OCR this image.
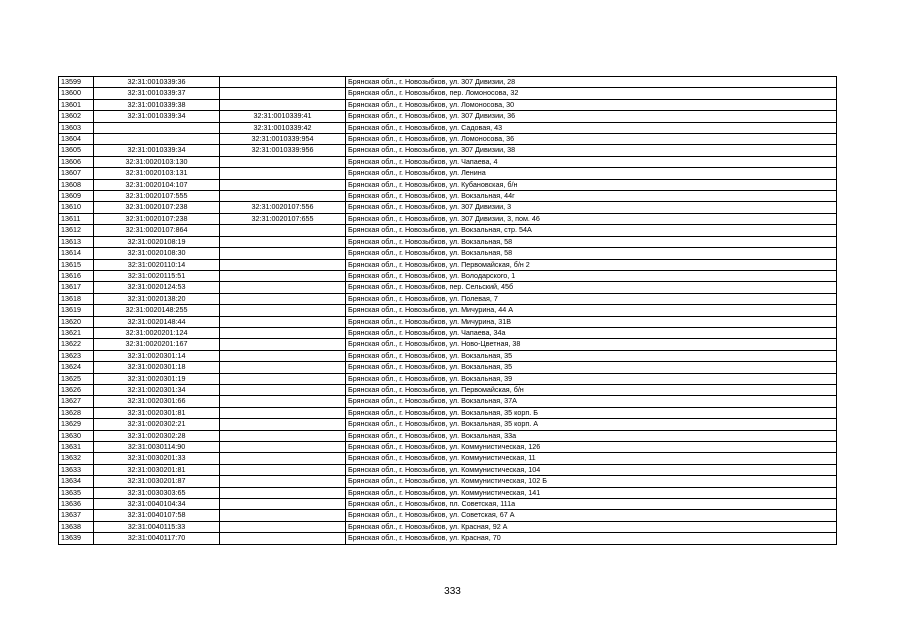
13599	32:31:0010339:36		Брянская обл., г. Новозыбков, ул. 307 Дивизии, 28
13600	32:31:0010339:37		Брянская обл., г. Новозыбков, пер. Ломоносова, 32
13601	32:31:0010339:38		Брянская обл., г. Новозыбков, ул. Ломоносова, 30
13602	32:31:0010339:34	32:31:0010339:41	Брянская обл., г. Новозыбков, ул. 307 Дивизии, 36
13603		32:31:0010339:42	Брянская обл., г. Новозыбков, ул. Садовая, 43
13604		32:31:0010339:954	Брянская обл., г. Новозыбков, ул. Ломоносова, 36
13605	32:31:0010339:34	32:31:0010339:956	Брянская обл., г. Новозыбков, ул. 307 Дивизии, 38
13606	32:31:0020103:130		Брянская обл., г. Новозыбков, ул. Чапаева, 4
13607	32:31:0020103:131		Брянская обл., г. Новозыбков, ул. Ленина
13608	32:31:0020104:107		Брянская обл., г. Новозыбков, ул. Кубановская, б/н
13609	32:31:0020107:555		Брянская обл., г. Новозыбков, ул. Вокзальная, 44г
13610	32:31:0020107:238	32:31:0020107:556	Брянская обл., г. Новозыбков, ул. 307 Дивизии, 3
13611	32:31:0020107:238	32:31:0020107:655	Брянская обл., г. Новозыбков, ул. 307 Дивизии, 3, пом. 46
13612	32:31:0020107:864		Брянская обл., г. Новозыбков, ул. Вокзальная, стр. 54А
13613	32:31:0020108:19		Брянская обл., г. Новозыбков, ул. Вокзальная, 58
13614	32:31:0020108:30		Брянская обл., г. Новозыбков, ул. Вокзальная, 58
13615	32:31:0020110:14		Брянская обл., г. Новозыбков, ул. Первомайская, б/н 2
13616	32:31:0020115:51		Брянская обл., г. Новозыбков, ул. Володарского, 1
13617	32:31:0020124:53		Брянская обл., г. Новозыбков, пер. Сельский, 45б
13618	32:31:0020138:20		Брянская обл., г. Новозыбков, ул. Полевая, 7
13619	32:31:0020148:255		Брянская обл., г. Новозыбков, ул. Мичурина, 44 А
13620	32:31:0020148:44		Брянская обл., г. Новозыбков, ул. Мичурина, 31В
13621	32:31:0020201:124		Брянская обл., г. Новозыбков, ул. Чапаева, 34а
13622	32:31:0020201:167		Брянская обл., г. Новозыбков, ул. Ново-Цветная, 38
13623	32:31:0020301:14		Брянская обл., г. Новозыбков, ул. Вокзальная, 35
13624	32:31:0020301:18		Брянская обл., г. Новозыбков, ул. Вокзальная, 35
13625	32:31:0020301:19		Брянская обл., г. Новозыбков, ул. Вокзальная, 39
13626	32:31:0020301:34		Брянская обл., г. Новозыбков, ул. Первомайская, б/н
13627	32:31:0020301:66		Брянская обл., г. Новозыбков, ул. Вокзальная, 37А
13628	32:31:0020301:81		Брянская обл., г. Новозыбков, ул. Вокзальная, 35 корп. Б
13629	32:31:0020302:21		Брянская обл., г. Новозыбков, ул. Вокзальная, 35 корп. А
13630	32:31:0020302:28		Брянская обл., г. Новозыбков, ул. Вокзальная, 33а
13631	32:31:0030114:90		Брянская обл., г. Новозыбков, ул. Коммунистическая, 126
13632	32:31:0030201:33		Брянская обл., г. Новозыбков, ул. Коммунистическая, 11
13633	32:31:0030201:81		Брянская обл., г. Новозыбков, ул. Коммунистическая, 104
13634	32:31:0030201:87		Брянская обл., г. Новозыбков, ул. Коммунистическая, 102 Б
13635	32:31:0030303:65		Брянская обл., г. Новозыбков, ул. Коммунистическая, 141
13636	32:31:0040104:34		Брянская обл., г. Новозыбков, пл. Советская, 111а
13637	32:31:0040107:58		Брянская обл., г. Новозыбков, ул. Советская, 67 А
13638	32:31:0040115:33		Брянская обл., г. Новозыбков, ул. Красная, 92 А
13639	32:31:0040117:70		Брянская обл., г. Новозыбков, ул. Красная, 70
333
